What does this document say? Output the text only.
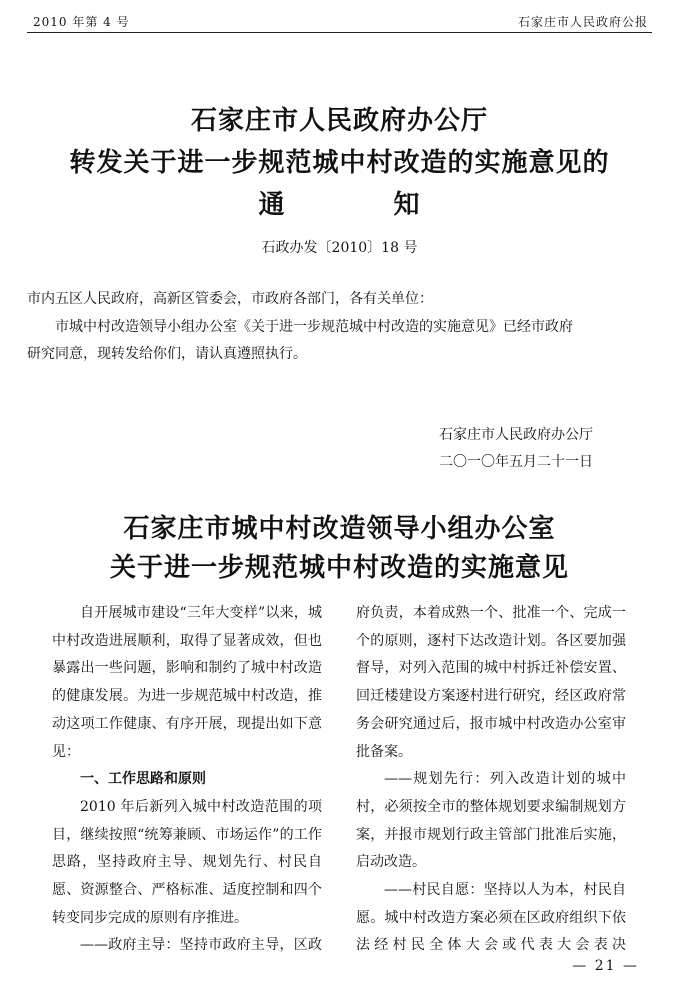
2010 年第 4 号	石家庄市人民政府公报
石家庄市人民政府办公厅
转发关于进一步规范城中村改造的实施意见的
通　　　　知
石政办发〔2010〕18 号
市内五区人民政府，高新区管委会，市政府各部门，各有关单位：
市城中村改造领导小组办公室《关于进一步规范城中村改造的实施意见》已经市政府
研究同意，现转发给你们，请认真遵照执行。
石家庄市人民政府办公厅
二〇一〇年五月二十一日
石家庄市城中村改造领导小组办公室
关于进一步规范城中村改造的实施意见

自开展城市建设“三年大变样”以来，城中村改造进展顺利，取得了显著成效，但也暴露出一些问题，影响和制约了城中村改造的健康发展。为进一步规范城中村改造，推动这项工作健康、有序开展，现提出如下意见：

一、工作思路和原则

2010 年后新列入城中村改造范围的项目，继续按照“统筹兼顾、市场运作”的工作思路，坚持政府主导、规划先行、村民自愿、资源整合、严格标准、适度控制和四个转变同步完成的原则有序推进。

——政府主导：坚持市政府主导，区政

府负责，本着成熟一个、批准一个、完成一个的原则，逐村下达改造计划。各区要加强督导，对列入范围的城中村拆迁补偿安置、回迁楼建设方案逐村进行研究，经区政府常务会研究通过后，报市城中村改造办公室审批备案。

——规划先行：列入改造计划的城中村，必须按全市的整体规划要求编制规划方案，并报市规划行政主管部门批准后实施，启动改造。

——村民自愿：坚持以人为本，村民自愿。城中村改造方案必须在区政府组织下依法经村民全体大会或代表大会表决

— 21 —
